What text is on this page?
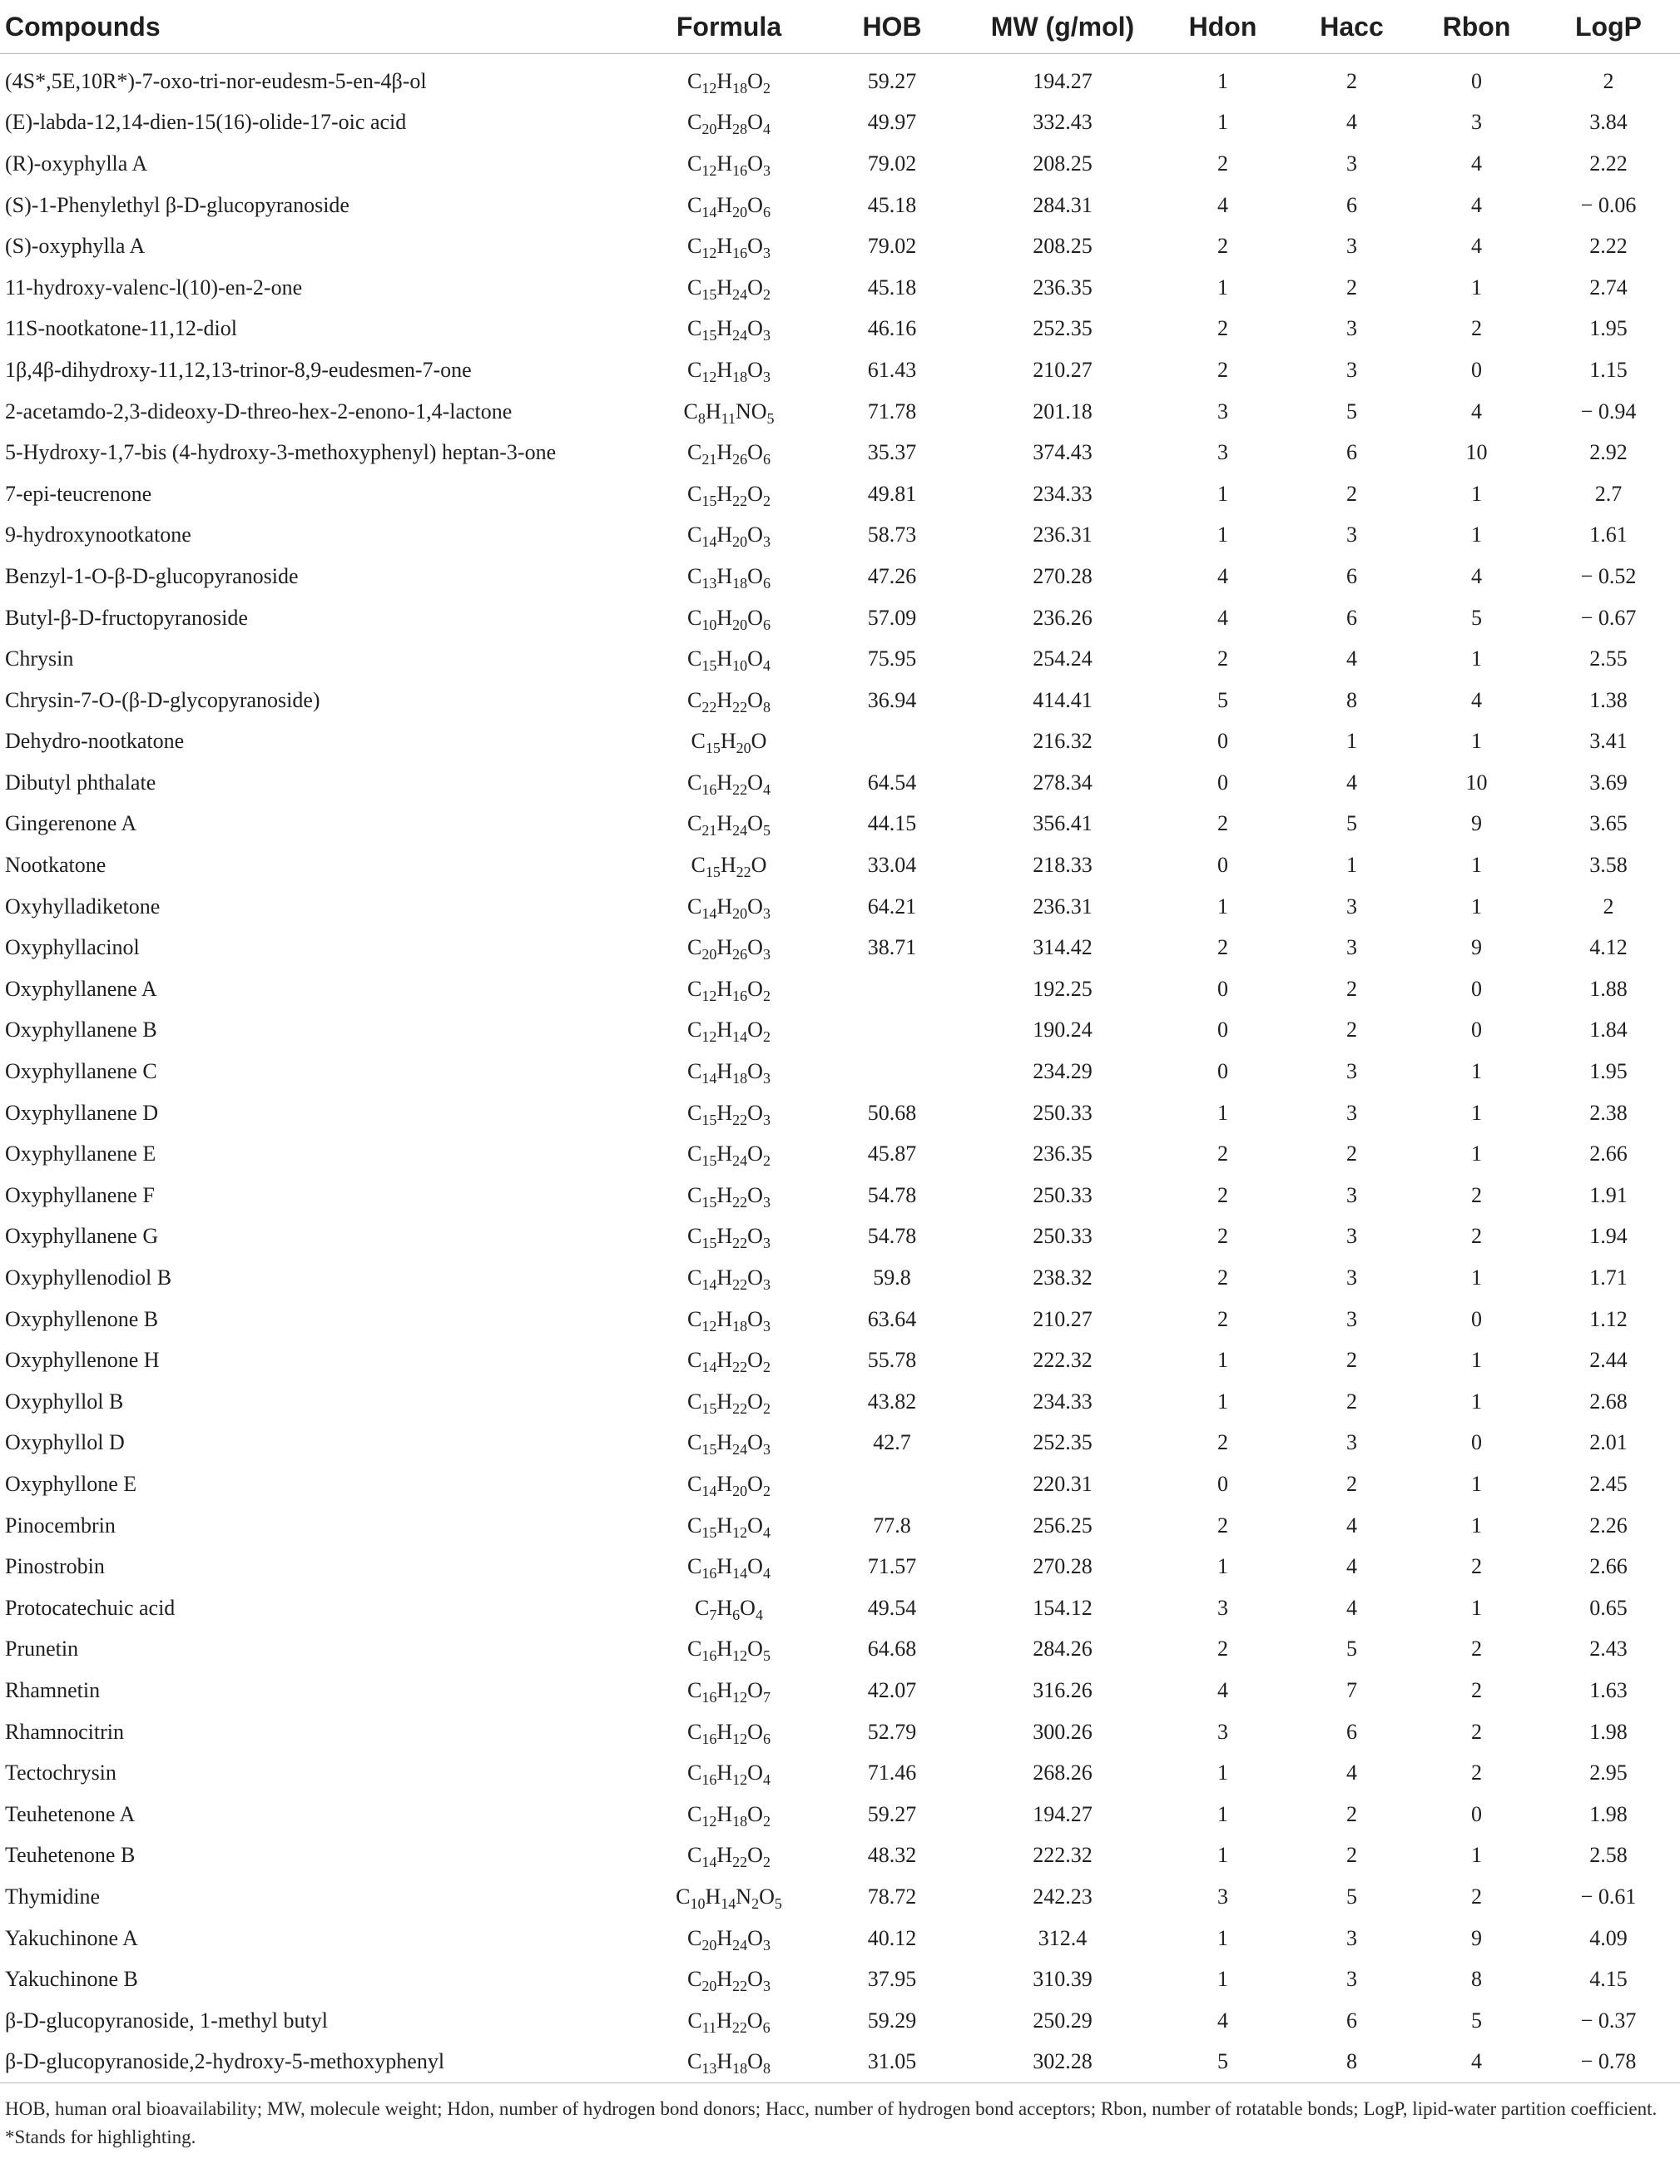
Compounds	Formula	HOB	MW (g/mol)	Hdon	Hacc	Rbon	LogP
(4S*,5E,10R*)-7-oxo-tri-nor-eudesm-5-en-4β-ol	$C_{12}H_{18}O_2$	59.27	194.27	1	2	0	2
(E)-labda-12,14-dien-15(16)-olide-17-oic acid	$C_{20}H_{28}O_4$	49.97	332.43	1	4	3	3.84
(R)-oxyphylla A	$C_{12}H_{16}O_3$	79.02	208.25	2	3	4	2.22
(S)-1-Phenylethyl β-D-glucopyranoside	$C_{14}H_{20}O_6$	45.18	284.31	4	6	4	− 0.06
(S)-oxyphylla A	$C_{12}H_{16}O_3$	79.02	208.25	2	3	4	2.22
11-hydroxy-valenc-l(10)-en-2-one	$C_{15}H_{24}O_2$	45.18	236.35	1	2	1	2.74
11S-nootkatone-11,12-diol	$C_{15}H_{24}O_3$	46.16	252.35	2	3	2	1.95
1β,4β-dihydroxy-11,12,13-trinor-8,9-eudesmen-7-one	$C_{12}H_{18}O_3$	61.43	210.27	2	3	0	1.15
2-acetamdo-2,3-dideoxy-D-threo-hex-2-enono-1,4-lactone	$C_8H_{11}NO_5$	71.78	201.18	3	5	4	− 0.94
5-Hydroxy-1,7-bis (4-hydroxy-3-methoxyphenyl) heptan-3-one	$C_{21}H_{26}O_6$	35.37	374.43	3	6	10	2.92
7-epi-teucrenone	$C_{15}H_{22}O_2$	49.81	234.33	1	2	1	2.7
9-hydroxynootkatone	$C_{14}H_{20}O_3$	58.73	236.31	1	3	1	1.61
Benzyl-1-O-β-D-glucopyranoside	$C_{13}H_{18}O_6$	47.26	270.28	4	6	4	− 0.52
Butyl-β-D-fructopyranoside	$C_{10}H_{20}O_6$	57.09	236.26	4	6	5	− 0.67
Chrysin	$C_{15}H_{10}O_4$	75.95	254.24	2	4	1	2.55
Chrysin-7-O-(β-D-glycopyranoside)	$C_{22}H_{22}O_8$	36.94	414.41	5	8	4	1.38
Dehydro-nootkatone	$C_{15}H_{20}O$		216.32	0	1	1	3.41
Dibutyl phthalate	$C_{16}H_{22}O_4$	64.54	278.34	0	4	10	3.69
Gingerenone A	$C_{21}H_{24}O_5$	44.15	356.41	2	5	9	3.65
Nootkatone	$C_{15}H_{22}O$	33.04	218.33	0	1	1	3.58
Oxyhylladiketone	$C_{14}H_{20}O_3$	64.21	236.31	1	3	1	2
Oxyphyllacinol	$C_{20}H_{26}O_3$	38.71	314.42	2	3	9	4.12
Oxyphyllanene A	$C_{12}H_{16}O_2$		192.25	0	2	0	1.88
Oxyphyllanene B	$C_{12}H_{14}O_2$		190.24	0	2	0	1.84
Oxyphyllanene C	$C_{14}H_{18}O_3$		234.29	0	3	1	1.95
Oxyphyllanene D	$C_{15}H_{22}O_3$	50.68	250.33	1	3	1	2.38
Oxyphyllanene E	$C_{15}H_{24}O_2$	45.87	236.35	2	2	1	2.66
Oxyphyllanene F	$C_{15}H_{22}O_3$	54.78	250.33	2	3	2	1.91
Oxyphyllanene G	$C_{15}H_{22}O_3$	54.78	250.33	2	3	2	1.94
Oxyphyllenodiol B	$C_{14}H_{22}O_3$	59.8	238.32	2	3	1	1.71
Oxyphyllenone B	$C_{12}H_{18}O_3$	63.64	210.27	2	3	0	1.12
Oxyphyllenone H	$C_{14}H_{22}O_2$	55.78	222.32	1	2	1	2.44
Oxyphyllol B	$C_{15}H_{22}O_2$	43.82	234.33	1	2	1	2.68
Oxyphyllol D	$C_{15}H_{24}O_3$	42.7	252.35	2	3	0	2.01
Oxyphyllone E	$C_{14}H_{20}O_2$		220.31	0	2	1	2.45
Pinocembrin	$C_{15}H_{12}O_4$	77.8	256.25	2	4	1	2.26
Pinostrobin	$C_{16}H_{14}O_4$	71.57	270.28	1	4	2	2.66
Protocatechuic acid	$C_7H_6O_4$	49.54	154.12	3	4	1	0.65
Prunetin	$C_{16}H_{12}O_5$	64.68	284.26	2	5	2	2.43
Rhamnetin	$C_{16}H_{12}O_7$	42.07	316.26	4	7	2	1.63
Rhamnocitrin	$C_{16}H_{12}O_6$	52.79	300.26	3	6	2	1.98
Tectochrysin	$C_{16}H_{12}O_4$	71.46	268.26	1	4	2	2.95
Teuhetenone A	$C_{12}H_{18}O_2$	59.27	194.27	1	2	0	1.98
Teuhetenone B	$C_{14}H_{22}O_2$	48.32	222.32	1	2	1	2.58
Thymidine	$C_{10}H_{14}N_2O_5$	78.72	242.23	3	5	2	− 0.61
Yakuchinone A	$C_{20}H_{24}O_3$	40.12	312.4	1	3	9	4.09
Yakuchinone B	$C_{20}H_{22}O_3$	37.95	310.39	1	3	8	4.15
β-D-glucopyranoside, 1-methyl butyl	$C_{11}H_{22}O_6$	59.29	250.29	4	6	5	− 0.37
β-D-glucopyranoside,2-hydroxy-5-methoxyphenyl	$C_{13}H_{18}O_8$	31.05	302.28	5	8	4	− 0.78
HOB, human oral bioavailability; MW, molecule weight; Hdon, number of hydrogen bond donors; Hacc, number of hydrogen bond acceptors; Rbon, number of rotatable bonds; LogP, lipid-water partition coefficient. *Stands for highlighting.
